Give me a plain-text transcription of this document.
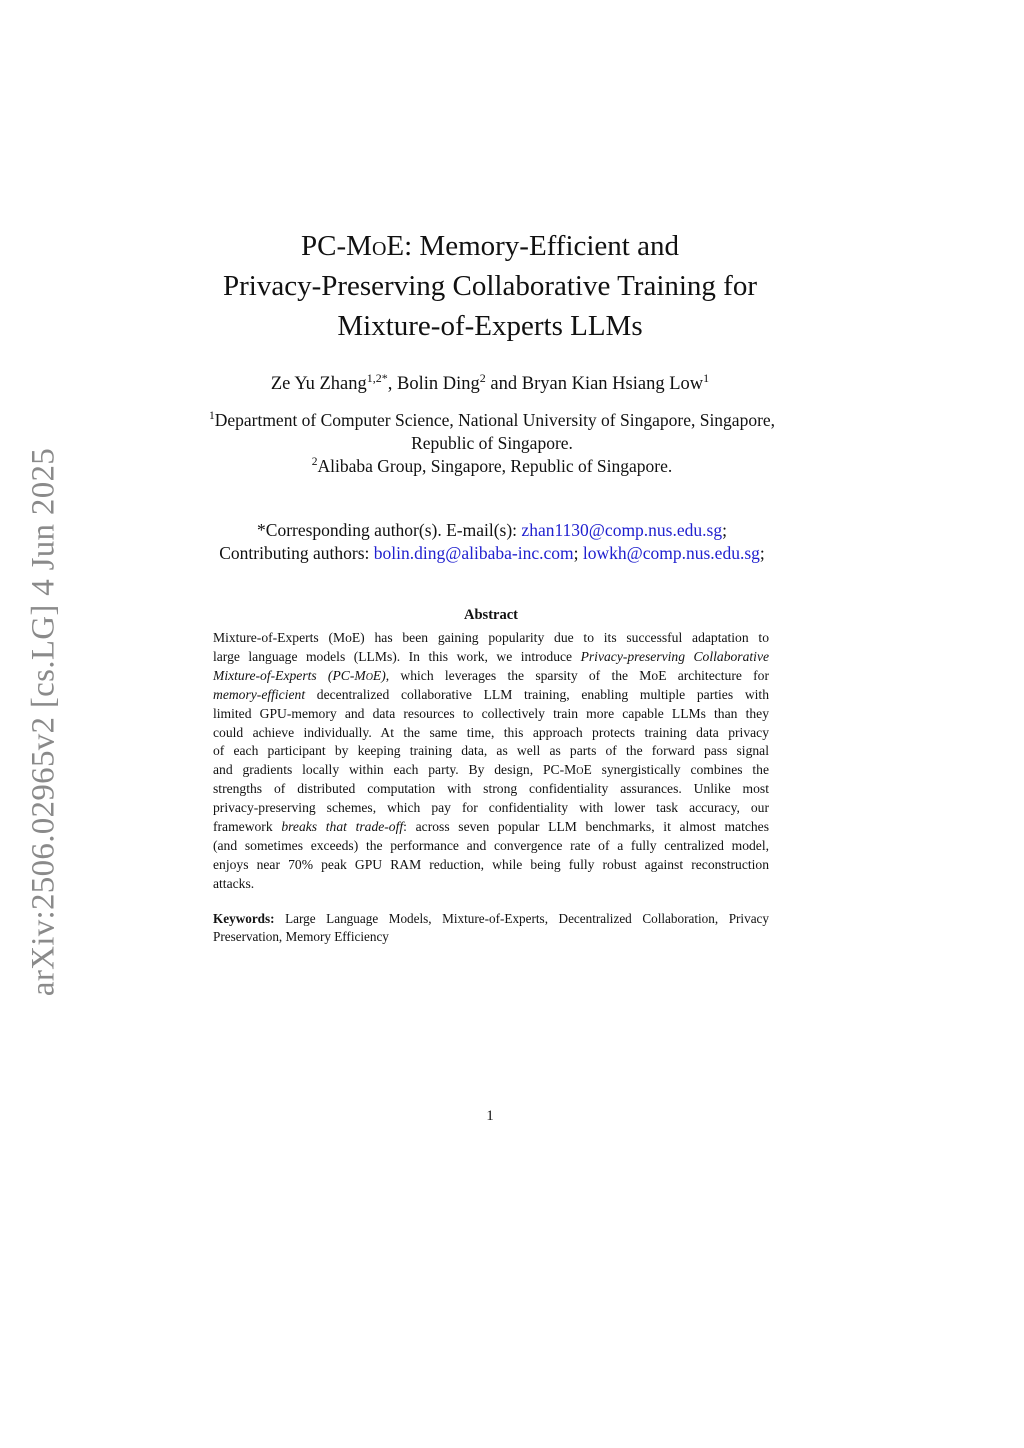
arXiv:2506.02965v2 [cs.LG] 4 Jun 2025
PC-MoE: Memory-Efficient and
Privacy-Preserving Collaborative Training for
Mixture-of-Experts LLMs
Ze Yu Zhang$^{1,2*}$, Bolin Ding$^2$ and Bryan Kian Hsiang Low$^1$
$^1$Department of Computer Science, National University of Singapore, Singapore,
Republic of Singapore.
$^2$Alibaba Group, Singapore, Republic of Singapore.
*Corresponding author(s). E-mail(s): zhan1130@comp.nus.edu.sg;
Contributing authors: bolin.ding@alibaba-inc.com; lowkh@comp.nus.edu.sg;
Abstract
Mixture-of-Experts (MoE) has been gaining popularity due to its successful adaptation to
large language models (LLMs). In this work, we introduce Privacy-preserving Collaborative
Mixture-of-Experts (PC-MoE), which leverages the sparsity of the MoE architecture for
memory-efficient decentralized collaborative LLM training, enabling multiple parties with
limited GPU-memory and data resources to collectively train more capable LLMs than they
could achieve individually. At the same time, this approach protects training data privacy
of each participant by keeping training data, as well as parts of the forward pass signal
and gradients locally within each party. By design, PC-MoE synergistically combines the
strengths of distributed computation with strong confidentiality assurances. Unlike most
privacy-preserving schemes, which pay for confidentiality with lower task accuracy, our
framework breaks that trade-off: across seven popular LLM benchmarks, it almost matches
(and sometimes exceeds) the performance and convergence rate of a fully centralized model,
enjoys near 70% peak GPU RAM reduction, while being fully robust against reconstruction
attacks.
Keywords: Large Language Models, Mixture-of-Experts, Decentralized Collaboration, Privacy
Preservation, Memory Efficiency
1
